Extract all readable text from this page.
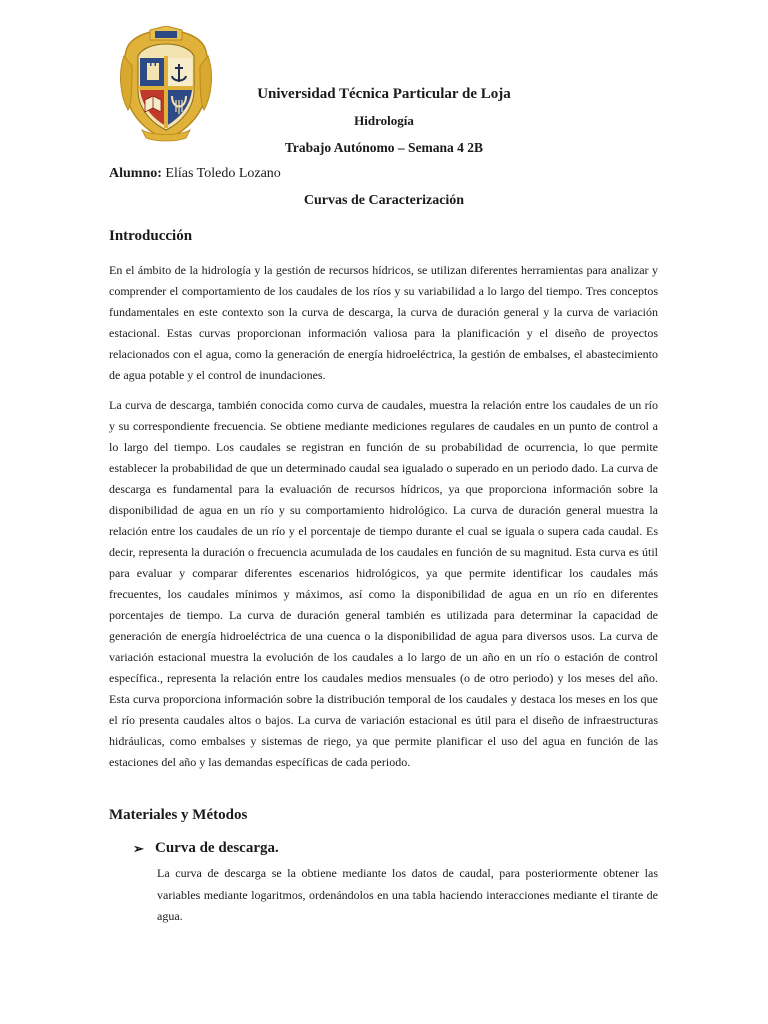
Universidad Técnica Particular de Loja
Hidrología
Trabajo Autónomo – Semana 4 2B
Alumno: Elías Toledo Lozano
Curvas de Caracterización
Introducción

En el ámbito de la hidrología y la gestión de recursos hídricos, se utilizan diferentes herramientas para analizar y comprender el comportamiento de los caudales de los ríos y su variabilidad a lo largo del tiempo. Tres conceptos fundamentales en este contexto son la curva de descarga, la curva de duración general y la curva de variación estacional. Estas curvas proporcionan información valiosa para la planificación y el diseño de proyectos relacionados con el agua, como la generación de energía hidroeléctrica, la gestión de embalses, el abastecimiento de agua potable y el control de inundaciones.

La curva de descarga, también conocida como curva de caudales, muestra la relación entre los caudales de un río y su correspondiente frecuencia. Se obtiene mediante mediciones regulares de caudales en un punto de control a lo largo del tiempo. Los caudales se registran en función de su probabilidad de ocurrencia, lo que permite establecer la probabilidad de que un determinado caudal sea igualado o superado en un periodo dado. La curva de descarga es fundamental para la evaluación de recursos hídricos, ya que proporciona información sobre la disponibilidad de agua en un río y su comportamiento hidrológico. La curva de duración general muestra la relación entre los caudales de un río y el porcentaje de tiempo durante el cual se iguala o supera cada caudal. Es decir, representa la duración o frecuencia acumulada de los caudales en función de su magnitud. Esta curva es útil para evaluar y comparar diferentes escenarios hidrológicos, ya que permite identificar los caudales más frecuentes, los caudales mínimos y máximos, así como la disponibilidad de agua en un río en diferentes porcentajes de tiempo. La curva de duración general también es utilizada para determinar la capacidad de generación de energía hidroeléctrica de una cuenca o la disponibilidad de agua para diversos usos. La curva de variación estacional muestra la evolución de los caudales a lo largo de un año en un río o estación de control específica., representa la relación entre los caudales medios mensuales (o de otro periodo) y los meses del año. Esta curva proporciona información sobre la distribución temporal de los caudales y destaca los meses en los que el río presenta caudales altos o bajos. La curva de variación estacional es útil para el diseño de infraestructuras hidráulicas, como embalses y sistemas de riego, ya que permite planificar el uso del agua en función de las estaciones del año y las demandas específicas de cada periodo.

Materiales y Métodos
➢ Curva de descarga.

La curva de descarga se la obtiene mediante los datos de caudal, para posteriormente obtener las variables mediante logaritmos, ordenándolos en una tabla haciendo interacciones mediante el tirante de agua.
